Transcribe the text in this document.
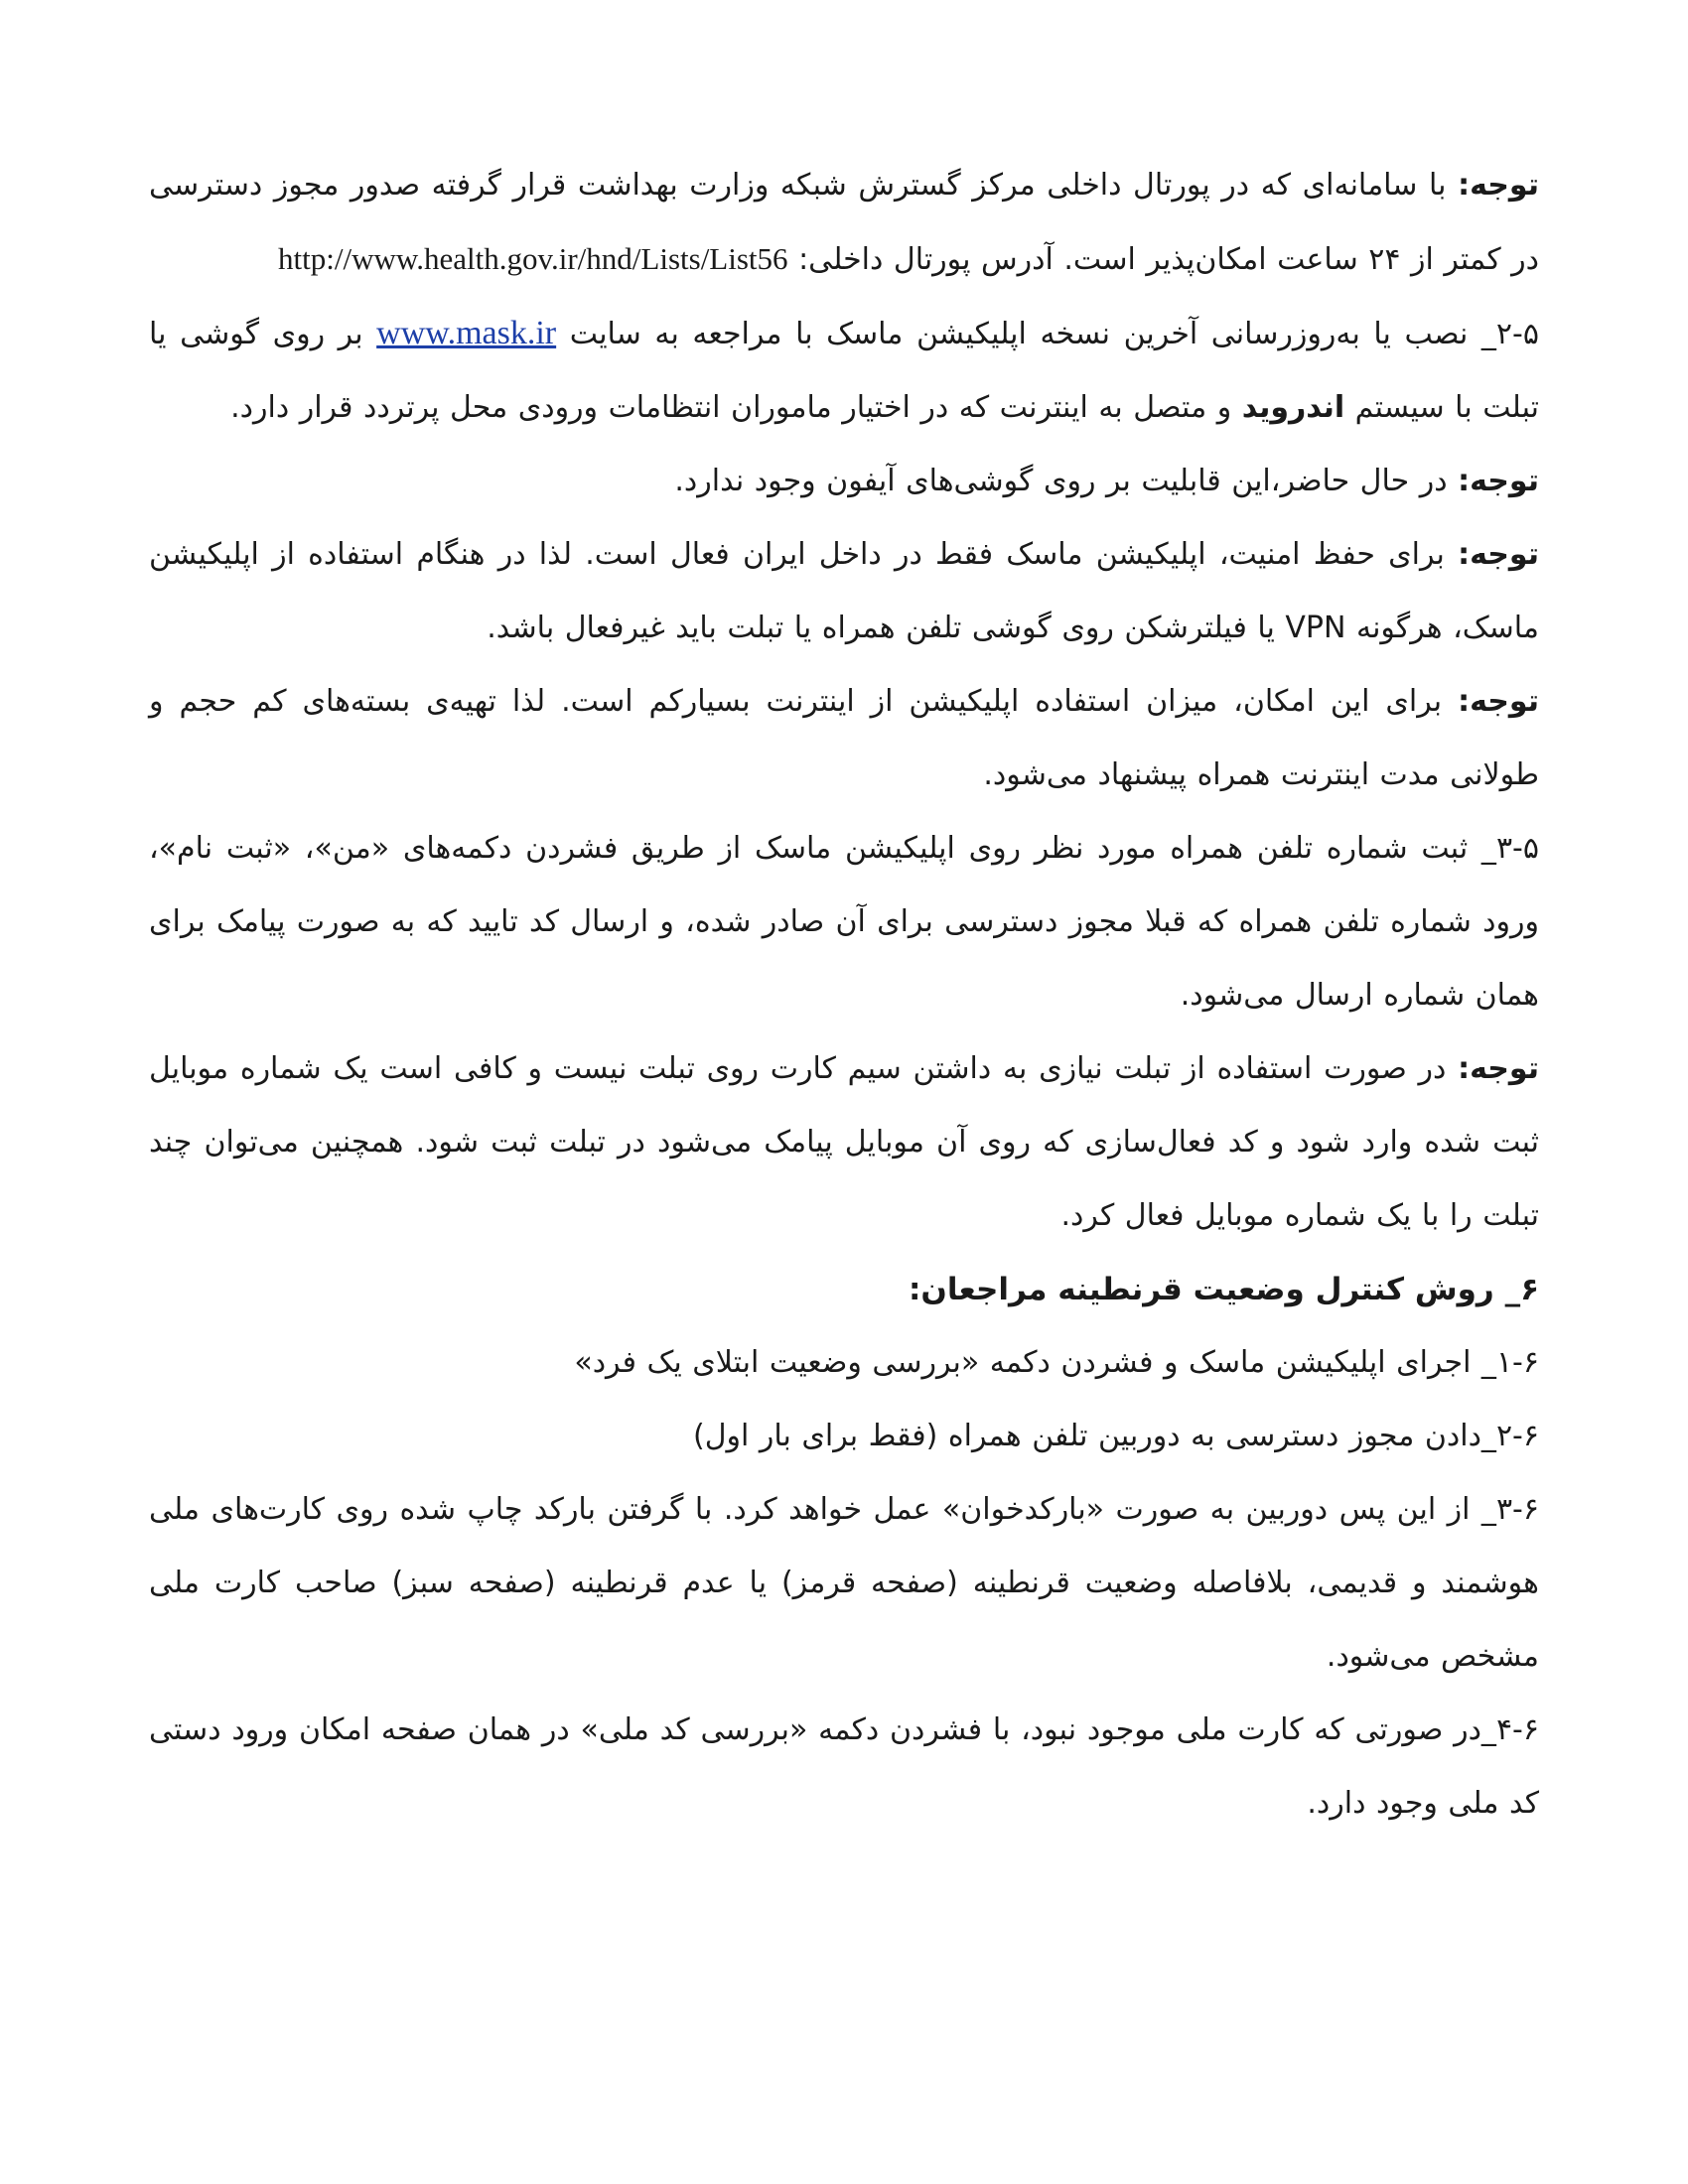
توجه: با سامانه‌ای که در پورتال داخلی مرکز گسترش شبکه وزارت بهداشت قرار گرفته صدور مجوز دسترسی در کمتر از ۲۴ ساعت امکان‌پذیر است. آدرس پورتال داخلی: http://www.health.gov.ir/hnd/Lists/List56

۲-۵_ نصب یا به‌روزرسانی آخرین نسخه اپلیکیشن ماسک با مراجعه به سایت www.mask.ir بر روی گوشی یا تبلت با سیستم اندروید و متصل به اینترنت که در اختیار ماموران انتظامات ورودی محل پرتردد قرار دارد.

توجه: در حال حاضر،این قابلیت بر روی گوشی‌های آیفون وجود ندارد.

توجه: برای حفظ امنیت، اپلیکیشن ماسک فقط در داخل ایران فعال است. لذا در هنگام استفاده از اپلیکیشن ماسک، هرگونه VPN یا فیلترشکن روی گوشی تلفن همراه یا تبلت باید غیرفعال باشد.

توجه: برای این امکان، میزان استفاده اپلیکیشن از اینترنت بسیارکم است. لذا تهیه‌ی بسته‌های کم حجم و طولانی مدت اینترنت همراه پیشنهاد می‌شود.

۳-۵_ ثبت شماره تلفن همراه مورد نظر روی اپلیکیشن ماسک از طریق فشردن دکمه‌های «من»، «ثبت نام»، ورود شماره تلفن همراه که قبلا مجوز دسترسی برای آن صادر شده، و ارسال کد تایید که به صورت پیامک برای همان شماره ارسال می‌شود.

توجه: در صورت استفاده از تبلت نیازی به داشتن سیم کارت روی تبلت نیست و کافی است یک شماره موبایل ثبت شده وارد شود و کد فعال‌سازی که روی آن موبایل پیامک می‌شود در تبلت ثبت شود. همچنین می‌توان چند تبلت را با یک شماره موبایل فعال کرد.

۶_ روش کنترل وضعیت قرنطینه مراجعان:

۱-۶_ اجرای اپلیکیشن ماسک و فشردن دکمه «بررسی وضعیت ابتلای یک فرد»

۲-۶_دادن مجوز دسترسی به دوربین تلفن همراه (فقط برای بار اول)

۳-۶_ از این پس دوربین به صورت «بارکدخوان» عمل خواهد کرد. با گرفتن بارکد چاپ شده روی کارت‌های ملی هوشمند و قدیمی، بلافاصله وضعیت قرنطینه (صفحه قرمز) یا عدم قرنطینه (صفحه سبز) صاحب کارت ملی مشخص می‌شود.

۴-۶_در صورتی که کارت ملی موجود نبود، با فشردن دکمه «بررسی کد ملی» در همان صفحه امکان ورود دستی کد ملی وجود دارد.
